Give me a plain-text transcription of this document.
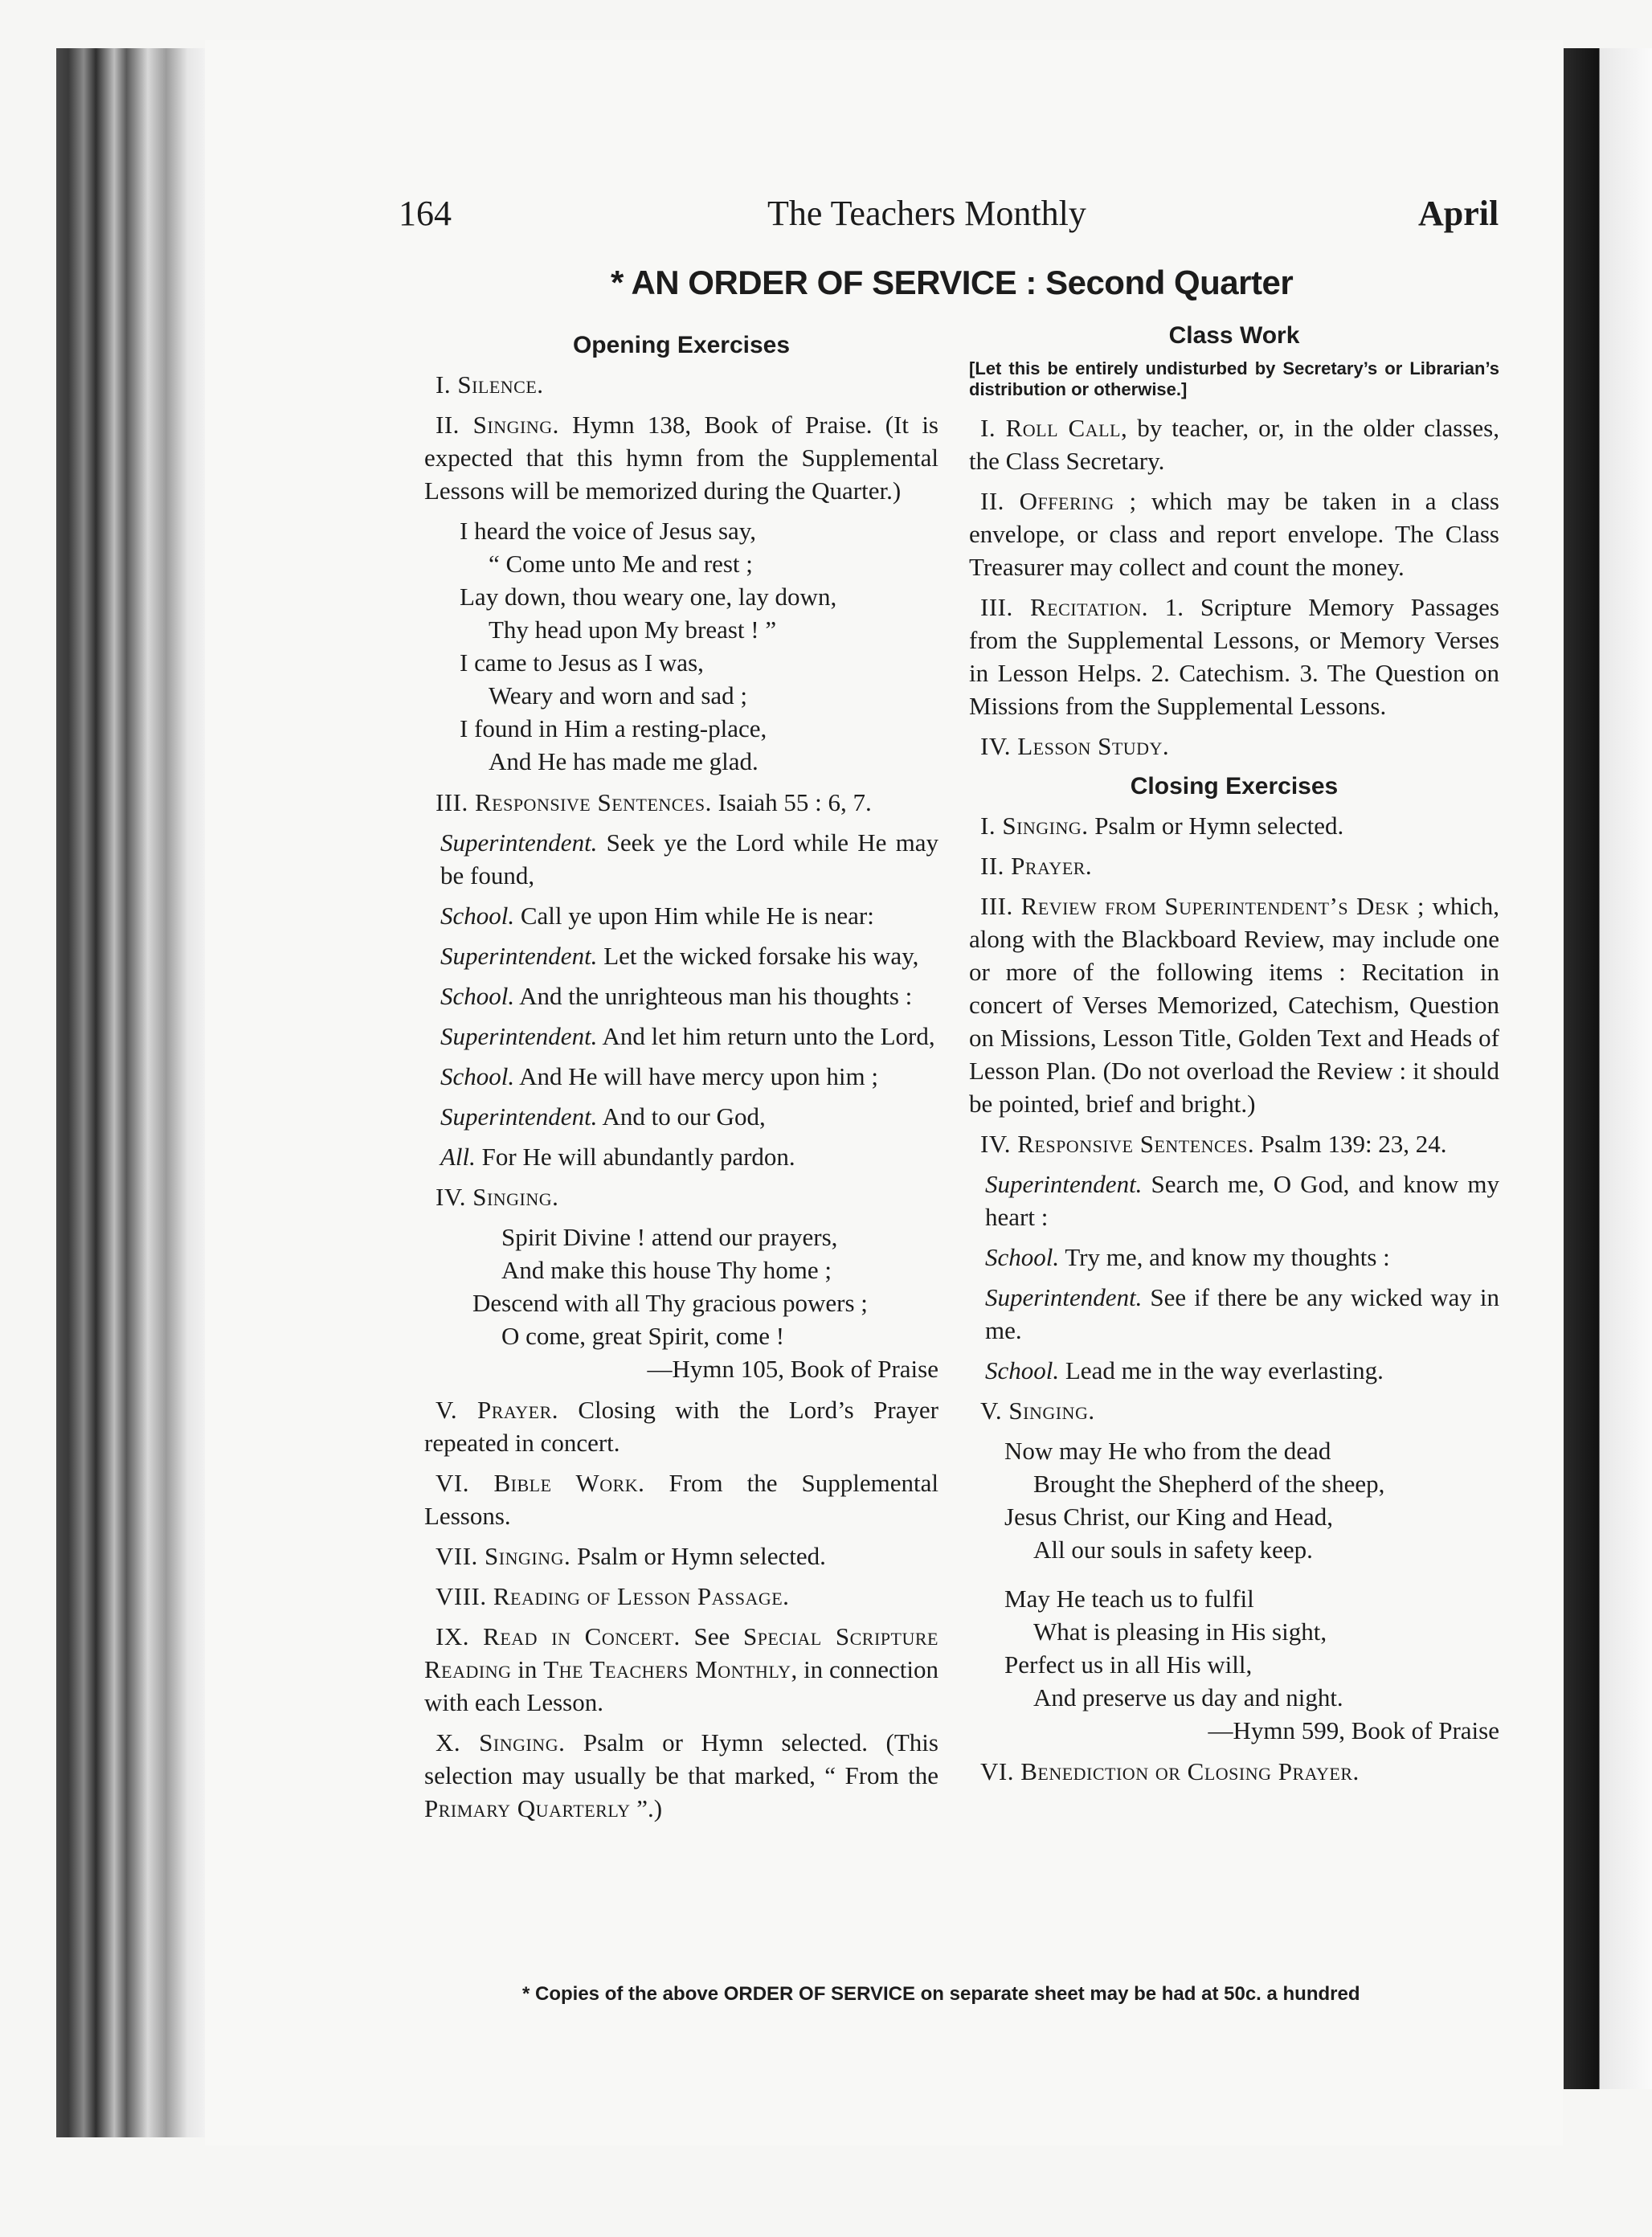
164	The Teachers Monthly	April
* AN ORDER OF SERVICE : Second Quarter
Opening Exercises

I. Silence.

II. Singing. Hymn 138, Book of Praise. (It is expected that this hymn from the Supplemental Lessons will be memorized during the Quarter.)

I heard the voice of Jesus say,
“ Come unto Me and rest ;
Lay down, thou weary one, lay down,
Thy head upon My breast ! ”
I came to Jesus as I was,
Weary and worn and sad ;
I found in Him a resting-place,
And He has made me glad.

III. Responsive Sentences. Isaiah 55 : 6, 7.

Superintendent. Seek ye the Lord while He may be found,

School. Call ye upon Him while He is near:

Superintendent. Let the wicked forsake his way,

School. And the unrighteous man his thoughts :

Superintendent. And let him return unto the Lord,

School. And He will have mercy upon him ;

Superintendent. And to our God,

All. For He will abundantly pardon.

IV. Singing.

Spirit Divine ! attend our prayers,
And make this house Thy home ;
Descend with all Thy gracious powers ;
O come, great Spirit, come !
—Hymn 105, Book of Praise

V. Prayer. Closing with the Lord’s Prayer repeated in concert.

VI. Bible Work. From the Supplemental Lessons.

VII. Singing. Psalm or Hymn selected.

VIII. Reading of Lesson Passage.

IX. Read in Concert. See Special Scripture Reading in The Teachers Monthly, in connection with each Lesson.

X. Singing. Psalm or Hymn selected. (This selection may usually be that marked, “ From the Primary Quarterly ”.)

Class Work

[Let this be entirely undisturbed by Secretary’s or Librarian’s distribution or otherwise.]

I. Roll Call, by teacher, or, in the older classes, the Class Secretary.

II. Offering ; which may be taken in a class envelope, or class and report envelope. The Class Treasurer may collect and count the money.

III. Recitation. 1. Scripture Memory Passages from the Supplemental Lessons, or Memory Verses in Lesson Helps. 2. Catechism. 3. The Question on Missions from the Supplemental Lessons.

IV. Lesson Study.

Closing Exercises

I. Singing. Psalm or Hymn selected.

II. Prayer.

III. Review from Superintendent’s Desk ; which, along with the Blackboard Review, may include one or more of the following items : Recitation in concert of Verses Memorized, Catechism, Question on Missions, Lesson Title, Golden Text and Heads of Lesson Plan. (Do not overload the Review : it should be pointed, brief and bright.)

IV. Responsive Sentences. Psalm 139: 23, 24.

Superintendent. Search me, O God, and know my heart :

School. Try me, and know my thoughts :

Superintendent. See if there be any wicked way in me.

School. Lead me in the way everlasting.

V. Singing.

Now may He who from the dead
Brought the Shepherd of the sheep,
Jesus Christ, our King and Head,
All our souls in safety keep.
May He teach us to fulfil
What is pleasing in His sight,
Perfect us in all His will,
And preserve us day and night.
—Hymn 599, Book of Praise

VI. Benediction or Closing Prayer.

* Copies of the above ORDER OF SERVICE on separate sheet may be had at 50c. a hundred
